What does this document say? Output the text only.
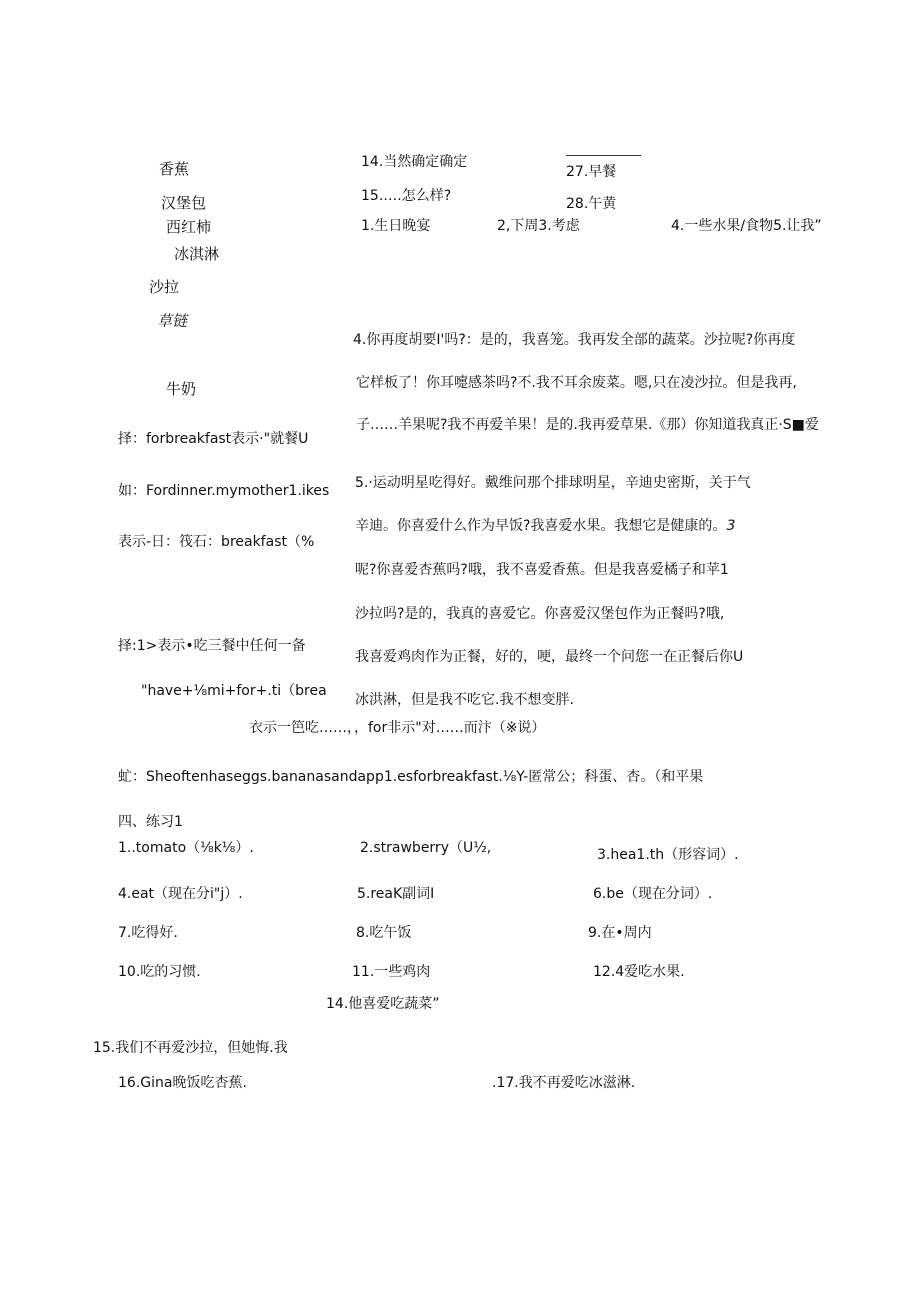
香蕉

汉堡包

西红柿

冰淇淋

沙拉

草链

牛奶

14.当然确定确定

15.….怎么样?

1.生日晚宴	2,下周3.考虑	4.一些水果/食物5.让我”

27.早餐

28.午黄

4.你再度胡要I'吗?：是的，我喜笼。我再发全部的蔬菜。沙拉呢?你再度

它样板了！你耳嚏感茶吗?不.我不耳余废菜。嗯,只在凌沙拉。但是我再,

子……羊果呢?我不再爱羊果！是的.我再爱草果.《那）你知道我真正·S■爱

择：forbreakfast表示·"就餐U

如：Fordinner.mymother1.ikes

表示-日：筏石：breakfast（%

择:1>表示•吃三餐中任何一备

"have+⅛mi+for+.ti（brea

衣示一笆吃……，，for非示"对……而汴（※说）

虻：Sheoftenhaseggs.bananasandapp1.esforbreakfast.⅛Y-匿常公；科蛋、杏。（和平果

5.·运动明星吃得好。戴维问那个排球明星，辛迪史密斯，关于气

辛迪。你喜爱什么作为早饭?我喜爱水果。我想它是健康的。3

呢?你喜爱杏蕉吗?哦，我不喜爱香蕉。但是我喜爱橘子和苹1

沙拉吗?是的，我真的喜爱它。你喜爱汉堡包作为正餐吗?哦,

我喜爱鸡肉作为正餐，好的，哽，最终一个问您一在正餐后你U

冰洪淋，但是我不吃它.我不想变胖.

四、练习1

1..tomato（⅛k⅛）.	2.strawberry（U½,	3.hea1.th（形容词）.

4.eat（现在分i"j）.	5.reaK副词I	6.be（现在分词）.

7.吃得好.	8.吃午饭	9.在•周内

10.吃的习惯.	11.一些鸡肉	12.4爱吃水果.

14.他喜爱吃蔬菜”

15.我们不再爱沙拉，但她悔.我

16.Gina晚饭吃杏蕉.	.17.我不再爱吃冰滋淋.
